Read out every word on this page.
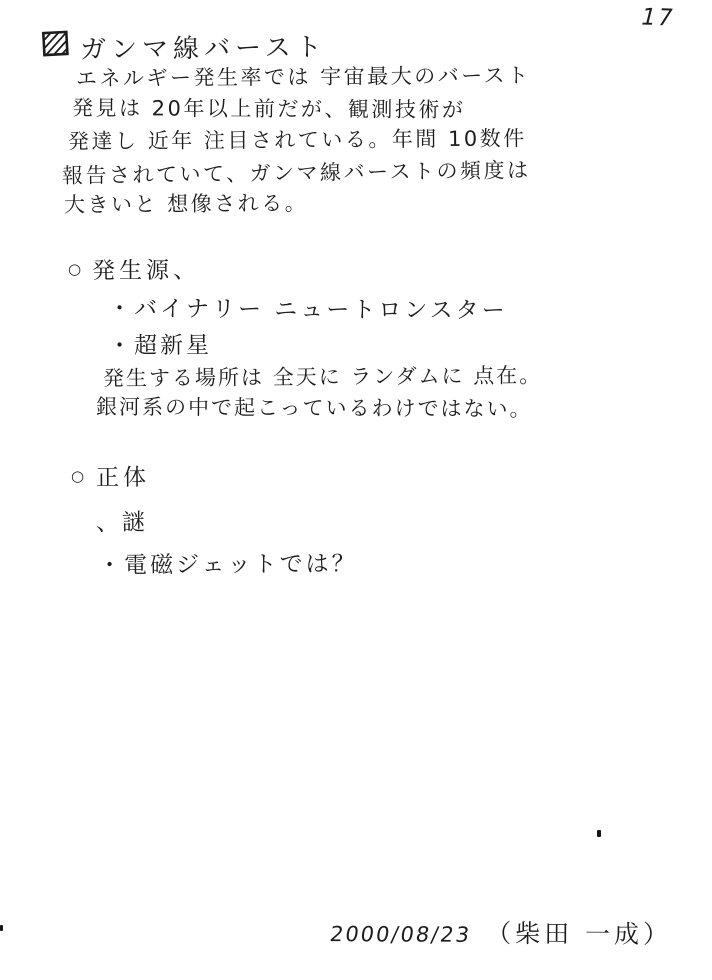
17
ガンマ線バースト
エネルギー発生率では 宇宙最大のバースト
発見は 20年以上前だが、観測技術が
発達し 近年 注目されている。年間 10数件
報告されていて、ガンマ線バーストの頻度は
大きいと 想像される。
○ 発生源、
・バイナリー ニュートロンスター
・超新星
発生する場所は 全天に ランダムに 点在。
銀河系の中で起こっているわけではない。
○ 正体
、謎
・電磁ジェットでは？
2000/08/23 （柴田 一成）
